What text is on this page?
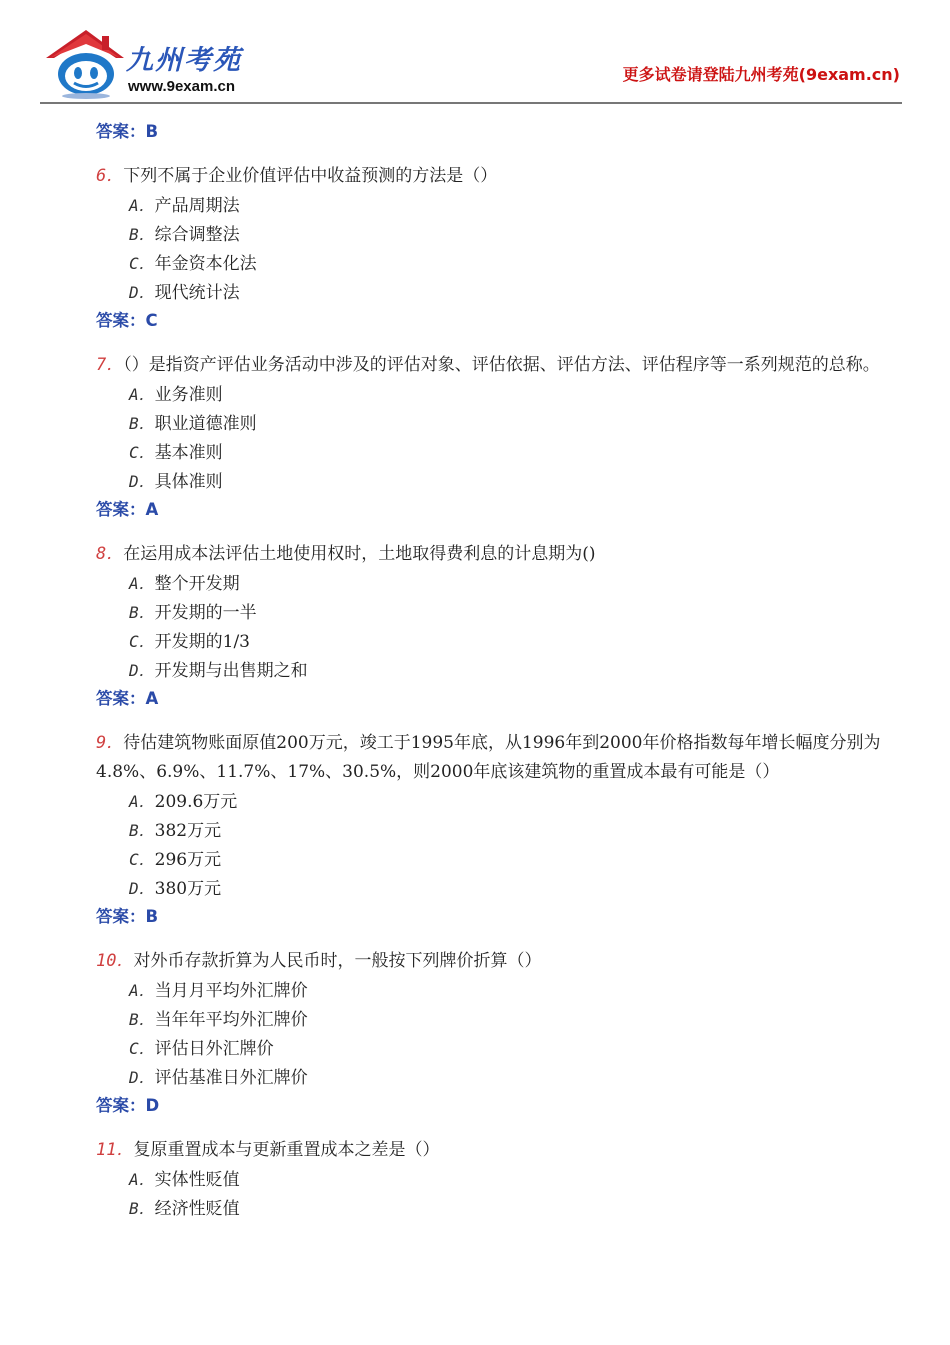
九州考苑
www.9exam.cn
更多试卷请登陆九州考苑(9exam.cn)
答案：B
6．下列不属于企业价值评估中收益预测的方法是（）
A．产品周期法
B．综合调整法
C．年金资本化法
D．现代统计法
答案：C
7．（）是指资产评估业务活动中涉及的评估对象、评估依据、评估方法、评估程序等一系列规范的总称。
A．业务准则
B．职业道德准则
C．基本准则
D．具体准则
答案：A
8．在运用成本法评估土地使用权时，土地取得费利息的计息期为()
A．整个开发期
B．开发期的一半
C．开发期的1/3
D．开发期与出售期之和
答案：A
9．待估建筑物账面原值200万元，竣工于1995年底，从1996年到2000年价格指数每年增长幅度分别为4.8%、6.9%、11.7%、17%、30.5%，则2000年底该建筑物的重置成本最有可能是（）
A．209.6万元
B．382万元
C．296万元
D．380万元
答案：B
10．对外币存款折算为人民币时，一般按下列牌价折算（）
A．当月月平均外汇牌价
B．当年年平均外汇牌价
C．评估日外汇牌价
D．评估基准日外汇牌价
答案：D
11．复原重置成本与更新重置成本之差是（）
A．实体性贬值
B．经济性贬值
